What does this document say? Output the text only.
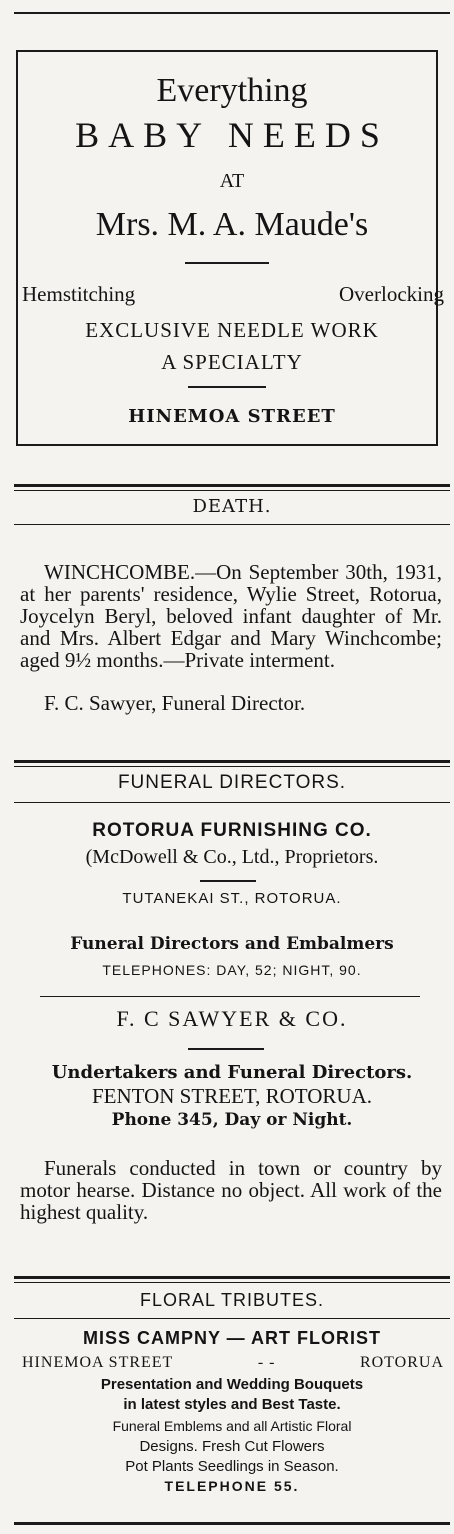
Everything
BABY NEEDS
AT
Mrs. M. A. Maude's
Hemstitching	Overlocking
EXCLUSIVE NEEDLE WORK
A SPECIALTY
HINEMOA STREET
DEATH.

WINCHCOMBE.—On September 30th, 1931, at her parents' residence, Wylie Street, Rotorua, Joycelyn Beryl, beloved infant daughter of Mr. and Mrs. Albert Edgar and Mary Winchcombe; aged 9½ months.—Private interment.

F. C. Sawyer, Funeral Director.

FUNERAL DIRECTORS.
ROTORUA FURNISHING CO.
(McDowell & Co., Ltd., Proprietors.
TUTANEKAI ST., ROTORUA.
Funeral Directors and Embalmers
TELEPHONES: DAY, 52; NIGHT, 90.
F. C SAWYER & CO.
Undertakers and Funeral Directors.
FENTON STREET, ROTORUA.
Phone 345, Day or Night.

Funerals conducted in town or country by motor hearse. Distance no object. All work of the highest quality.

FLORAL TRIBUTES.
MISS CAMPNY — ART FLORIST
HINEMOA STREET	- -	ROTORUA
Presentation and Wedding Bouquets
in latest styles and Best Taste.
Funeral Emblems and all Artistic Floral
Designs. Fresh Cut Flowers
Pot Plants Seedlings in Season.
TELEPHONE 55.
